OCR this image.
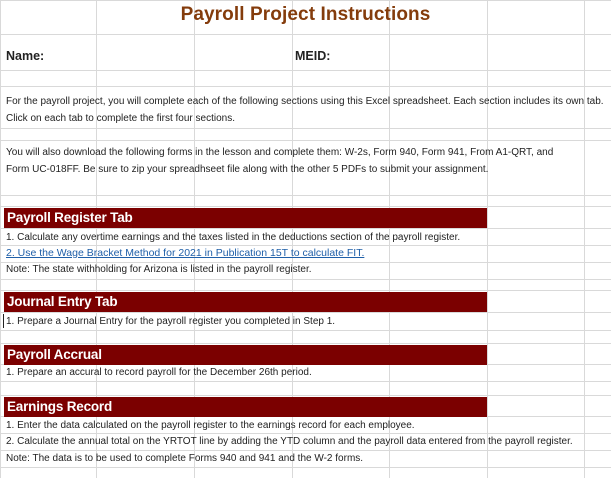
Payroll Project Instructions
Name:	MEID:
For the payroll project, you will complete each of the following sections using this Excel spreadsheet. Each section includes its own tab. Click on each tab to complete the first four sections.
You will also download the following forms in the lesson and complete them: W-2s, Form 940, Form 941, From A1-QRT, and Form UC-018FF. Be sure to zip your spreadhseet file along with the other 5 PDFs to submit your assignment.
Payroll Register Tab
1. Calculate any overtime earnings and the taxes listed in the deductions section of the payroll register.
2. Use the Wage Bracket Method for 2021 in Publication 15T to calculate FIT.
Note: The state withholding for Arizona is listed in the payroll register.
Journal Entry Tab
1. Prepare a Journal Entry for the payroll register you completed in Step 1.
Payroll Accrual
1. Prepare an accural to record payroll for the December 26th period.
Earnings Record
1. Enter the data calculated on the payroll register to the earnings record for each employee.
2. Calculate the annual total on the YRTOT line by adding the YTD column and the payroll data entered from the payroll register.
Note: The data is to be used to complete Forms 940 and 941 and the W-2 forms.
